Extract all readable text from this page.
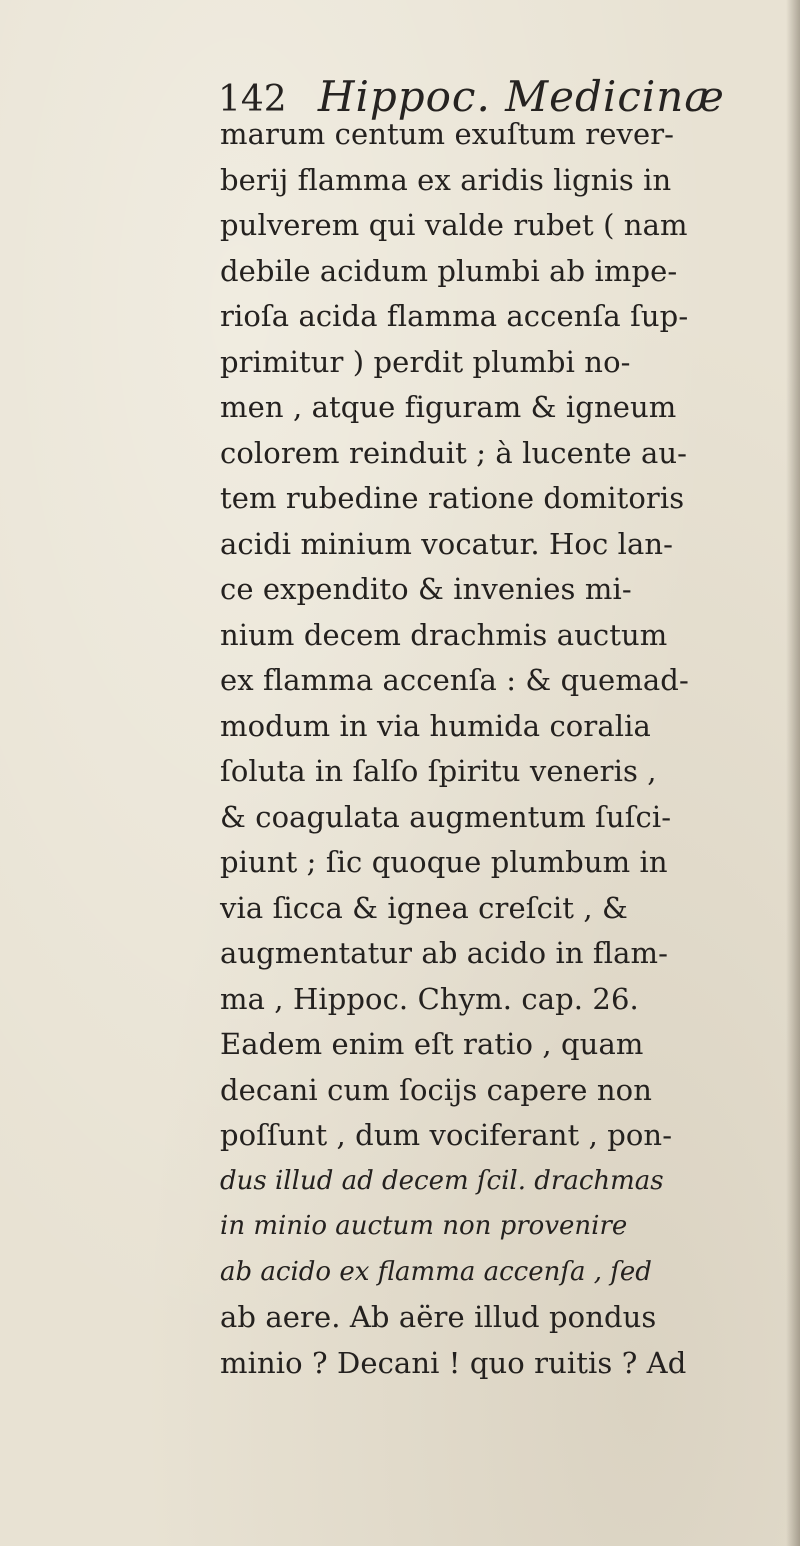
142 Hippoc. Medicinæ
marum centum exuſtum rever-
berij flamma ex aridis lignis in
pulverem qui valde rubet ( nam
debile acidum plumbi ab impe-
rioſa acida flamma accenſa ſup-
primitur ) perdit plumbi no-
men , atque figuram & igneum
colorem reinduit ; à lucente au-
tem rubedine ratione domitoris
acidi minium vocatur. Hoc lan-
ce expendito & invenies mi-
nium decem drachmis auctum
ex flamma accenſa : & quemad-
modum in via humida coralia
ſoluta in ſalſo ſpiritu veneris ,
& coagulata augmentum ſuſci-
piunt ; ſic quoque plumbum in
via ſicca & ignea creſcit , &
augmentatur ab acido in flam-
ma , Hippoc. Chym. cap. 26.
Eadem enim eſt ratio , quam
decani cum ſocijs capere non
poſſunt , dum vociferant , pon-
dus illud ad decem ſcil. drachmas
in minio auctum non provenire
ab acido ex flamma accenſa , ſed
ab aere. Ab aëre illud pondus
minio ? Decani ! quo ruitis ? Ad
